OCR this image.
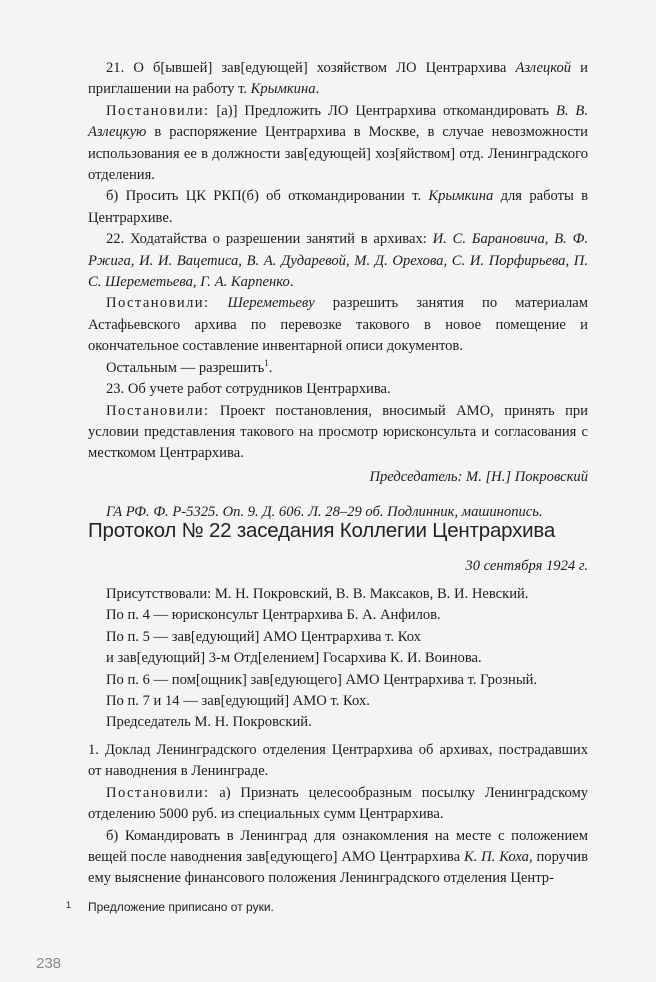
21. О б[ывшей] зав[едующей] хозяйством ЛО Центрархива Азлецкой и приглашении на работу т. Крымкина.

Постановили: [а)] Предложить ЛО Центрархива откомандировать В. В. Азлецкую в распоряжение Центрархива в Москве, в случае невозможности использования ее в должности зав[едующей] хоз[яйством] отд. Ленинградского отделения.

б) Просить ЦК РКП(б) об откомандировании т. Крымкина для работы в Центрархиве.

22. Ходатайства о разрешении занятий в архивах: И. С. Барановича, В. Ф. Ржига, И. И. Вацетиса, В. А. Дударевой, М. Д. Орехова, С. И. Порфирьева, П. С. Шереметьева, Г. А. Карпенко.

Постановили: Шереметьеву разрешить занятия по материалам Астафьевского архива по перевозке такового в новое помещение и окончательное составление инвентарной описи документов.

Остальным — разрешить$^1$.

23. Об учете работ сотрудников Центрархива.

Постановили: Проект постановления, вносимый АМО, принять при условии представления такового на просмотр юрисконсульта и согласования с месткомом Центрархива.

Председатель: М. [Н.] Покровский

ГА РФ. Ф. Р-5325. Оп. 9. Д. 606. Л. 28–29 об. Подлинник, машинопись.

Протокол № 22 заседания Коллегии Центрархива
30 сентября 1924 г.

Присутствовали: М. Н. Покровский, В. В. Максаков, В. И. Невский.

По п. 4 — юрисконсульт Центрархива Б. А. Анфилов.

По п. 5 — зав[едующий] АМО Центрархива т. Кох

и зав[едующий] 3-м Отд[елением] Госархива К. И. Воинова.

По п. 6 — пом[ощник] зав[едующего] АМО Центрархива т. Грозный.

По п. 7 и 14 — зав[едующий] АМО т. Кох.

Председатель М. Н. Покровский.

1. Доклад Ленинградского отделения Центрархива об архивах, пострадавших от наводнения в Ленинграде.

Постановили: а) Признать целесообразным посылку Ленинградскому отделению 5000 руб. из специальных сумм Центрархива.

б) Командировать в Ленинград для ознакомления на месте с положением вещей после наводнения зав[едующего] АМО Центрархива К. П. Коха, поручив ему выяснение финансового положения Ленинградского отделения Центр-

1 Предложение приписано от руки.
238
